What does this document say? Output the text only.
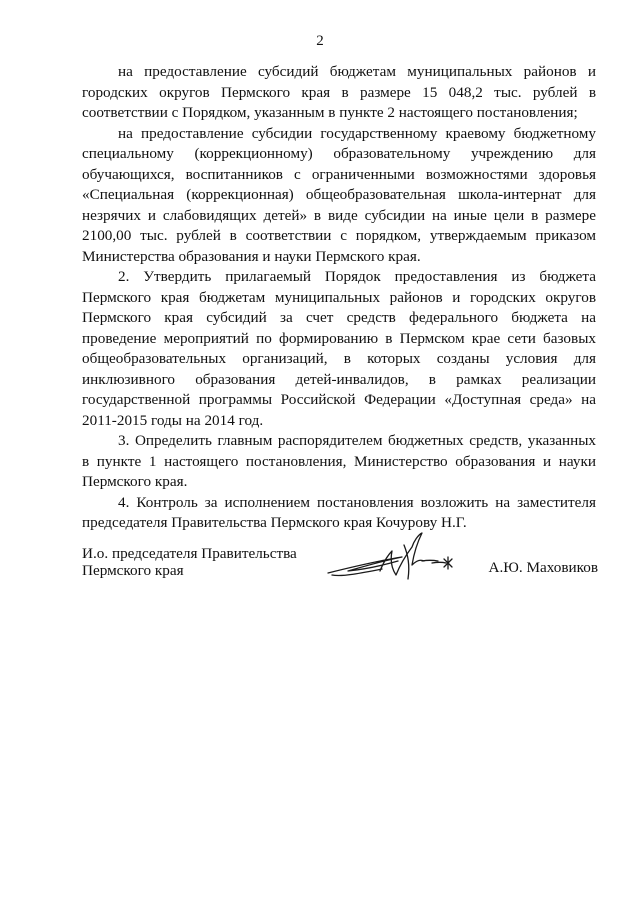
2

на предоставление субсидий бюджетам муниципальных районов и городских округов Пермского края в размере 15 048,2 тыс. рублей в соответствии с Порядком, указанным в пункте 2 настоящего постановления;

на предоставление субсидии государственному краевому бюджетному специальному (коррекционному) образовательному учреждению для обучающихся, воспитанников с ограниченными возможностями здоровья «Специальная (коррекционная) общеобразовательная школа-интернат для незрячих и слабовидящих детей» в виде субсидии на иные цели в размере 2100,00 тыс. рублей в соответствии с порядком, утверждаемым приказом Министерства образования и науки Пермского края.

2. Утвердить прилагаемый Порядок предоставления из бюджета Пермского края бюджетам муниципальных районов и городских округов Пермского края субсидий за счет средств федерального бюджета на проведение мероприятий по формированию в Пермском крае сети базовых общеобразовательных организаций, в которых созданы условия для инклюзивного образования детей-инвалидов, в рамках реализации государственной программы Российской Федерации «Доступная среда» на 2011-2015 годы на 2014 год.

3. Определить главным распорядителем бюджетных средств, указанных в пункте 1 настоящего постановления, Министерство образования и науки Пермского края.

4. Контроль за исполнением постановления возложить на заместителя председателя Правительства Пермского края Кочурову Н.Г.

И.о. председателя Правительства
Пермского края	А.Ю. Маховиков
